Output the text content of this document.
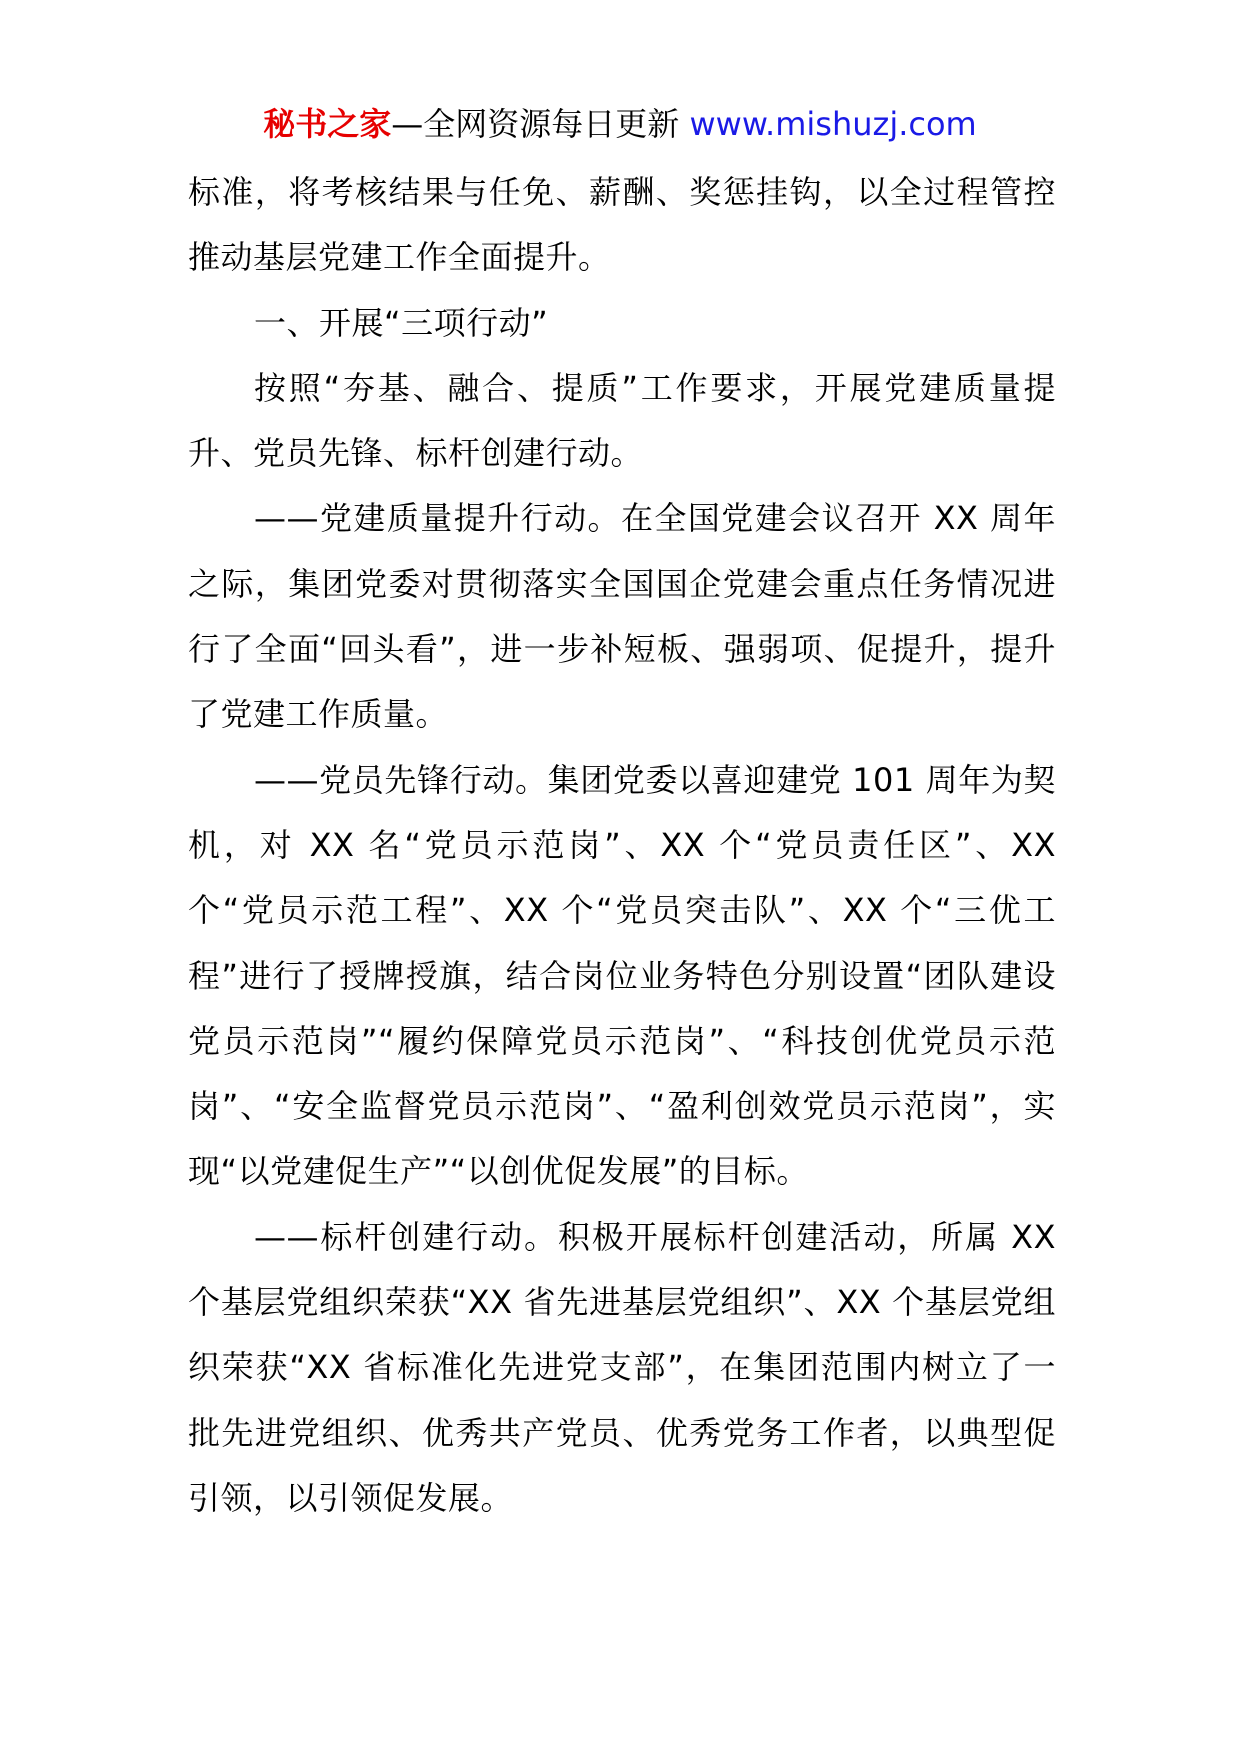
秘书之家—全网资源每日更新 www.mishuzj.com

标准，将考核结果与任免、薪酬、奖惩挂钩，以全过程管控推动基层党建工作全面提升。

一、开展“三项行动”

按照“夯基、融合、提质”工作要求，开展党建质量提升、党员先锋、标杆创建行动。

——党建质量提升行动。在全国党建会议召开 XX 周年之际，集团党委对贯彻落实全国国企党建会重点任务情况进行了全面“回头看”，进一步补短板、强弱项、促提升，提升了党建工作质量。

——党员先锋行动。集团党委以喜迎建党 101 周年为契机，对 XX 名“党员示范岗”、XX 个“党员责任区”、XX 个“党员示范工程”、XX 个“党员突击队”、XX 个“三优工程”进行了授牌授旗，结合岗位业务特色分别设置“团队建设党员示范岗”“履约保障党员示范岗”、“科技创优党员示范岗”、“安全监督党员示范岗”、“盈利创效党员示范岗”，实现“以党建促生产”“以创优促发展”的目标。

——标杆创建行动。积极开展标杆创建活动，所属 XX 个基层党组织荣获“XX 省先进基层党组织”、XX 个基层党组织荣获“XX 省标准化先进党支部”，在集团范围内树立了一批先进党组织、优秀共产党员、优秀党务工作者，以典型促引领，以引领促发展。
